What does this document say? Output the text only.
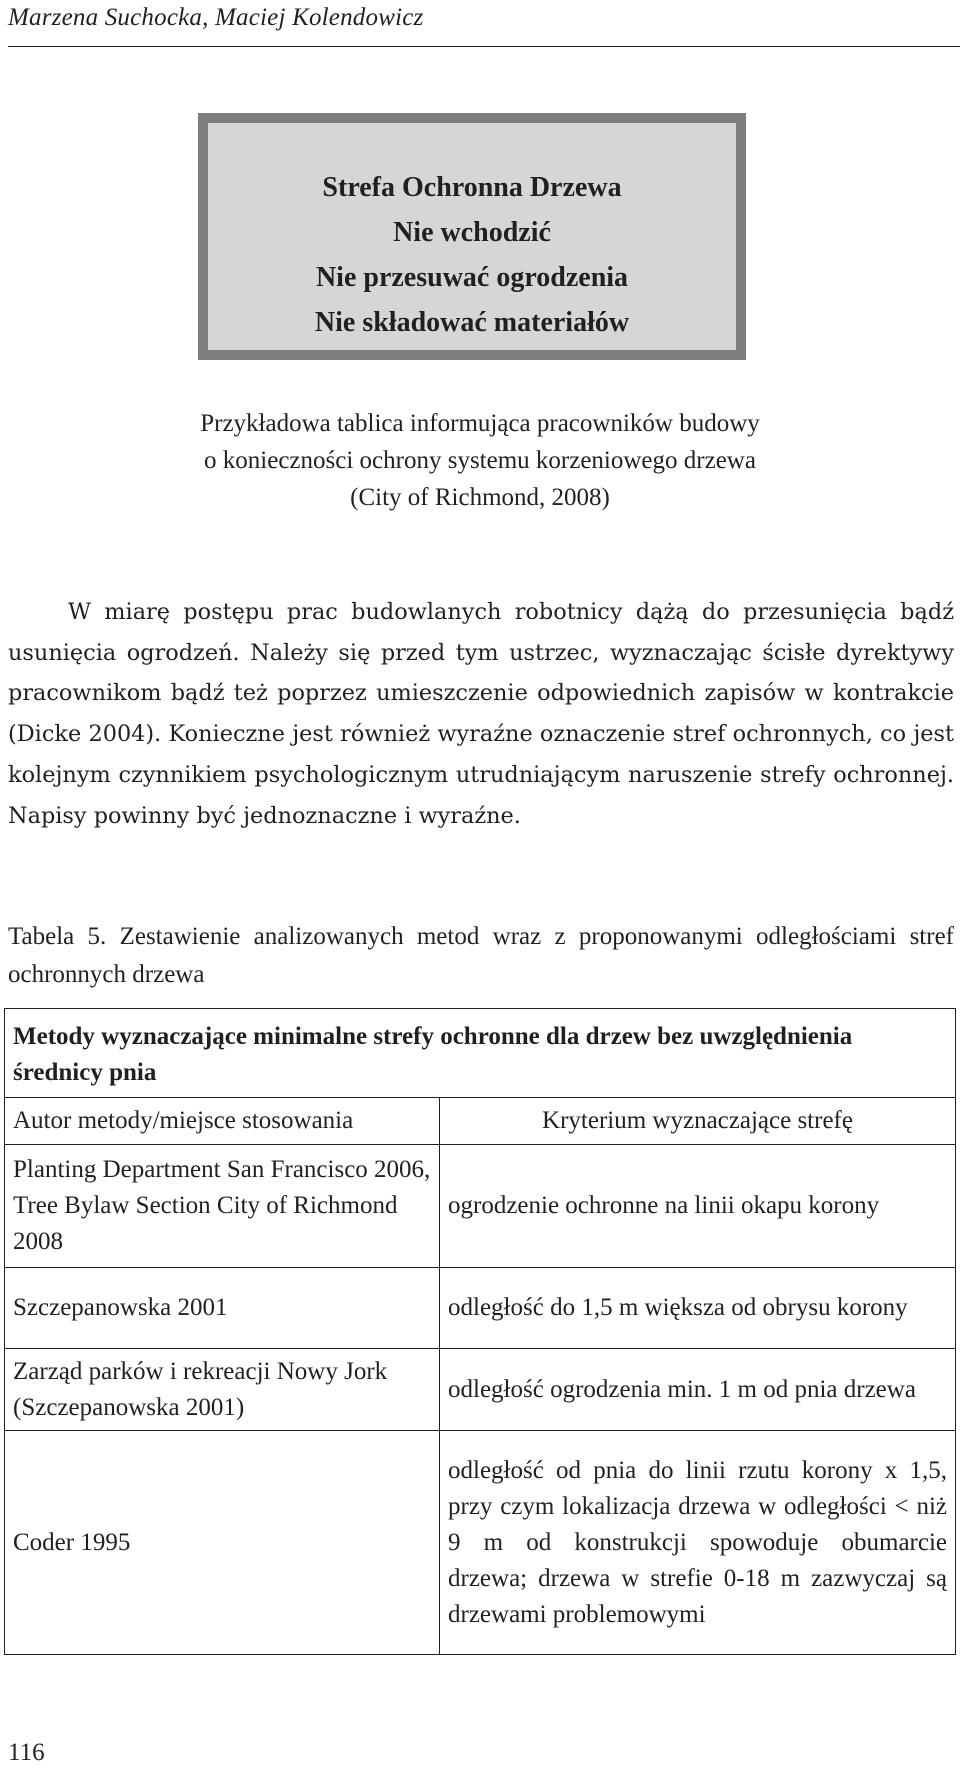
Marzena Suchocka, Maciej Kolendowicz
Strefa Ochronna Drzewa
Nie wchodzić
Nie przesuwać ogrodzenia
Nie składować materiałów
Przykładowa tablica informująca pracowników budowy
o konieczności ochrony systemu korzeniowego drzewa
(City of Richmond, 2008)

W miarę postępu prac budowlanych robotnicy dążą do przesunięcia bądź usunięcia ogrodzeń. Należy się przed tym ustrzec, wyznaczając ścisłe dyrektywy pracownikom bądź też poprzez umieszczenie odpowiednich zapisów w kontrakcie (Dicke 2004). Konieczne jest również wyraźne oznaczenie stref ochronnych, co jest kolejnym czynnikiem psychologicznym utrudniającym naruszenie strefy ochronnej. Napisy powinny być jednoznaczne i wyraźne.

Tabela 5. Zestawienie analizowanych metod wraz z proponowanymi odległościami stref ochronnych drzewa

Metody wyznaczające minimalne strefy ochronne dla drzew bez uwzględnienia średnicy pnia	
Autor metody/miejsce stosowania	Kryterium wyznaczające strefę
Planting Department San Francisco 2006, Tree Bylaw Section City of Richmond 2008	ogrodzenie ochronne na linii okapu korony
Szczepanowska 2001	odległość do 1,5 m większa od obrysu korony
Zarząd parków i rekreacji Nowy Jork (Szczepanowska 2001)	odległość ogrodzenia min. 1 m od pnia drzewa
Coder 1995	odległość od pnia do linii rzutu korony x 1,5, przy czym lokalizacja drzewa w odległości < niż 9 m od konstrukcji spowoduje obumarcie drzewa; drzewa w strefie 0-18 m zazwyczaj są drzewami problemowymi
116
